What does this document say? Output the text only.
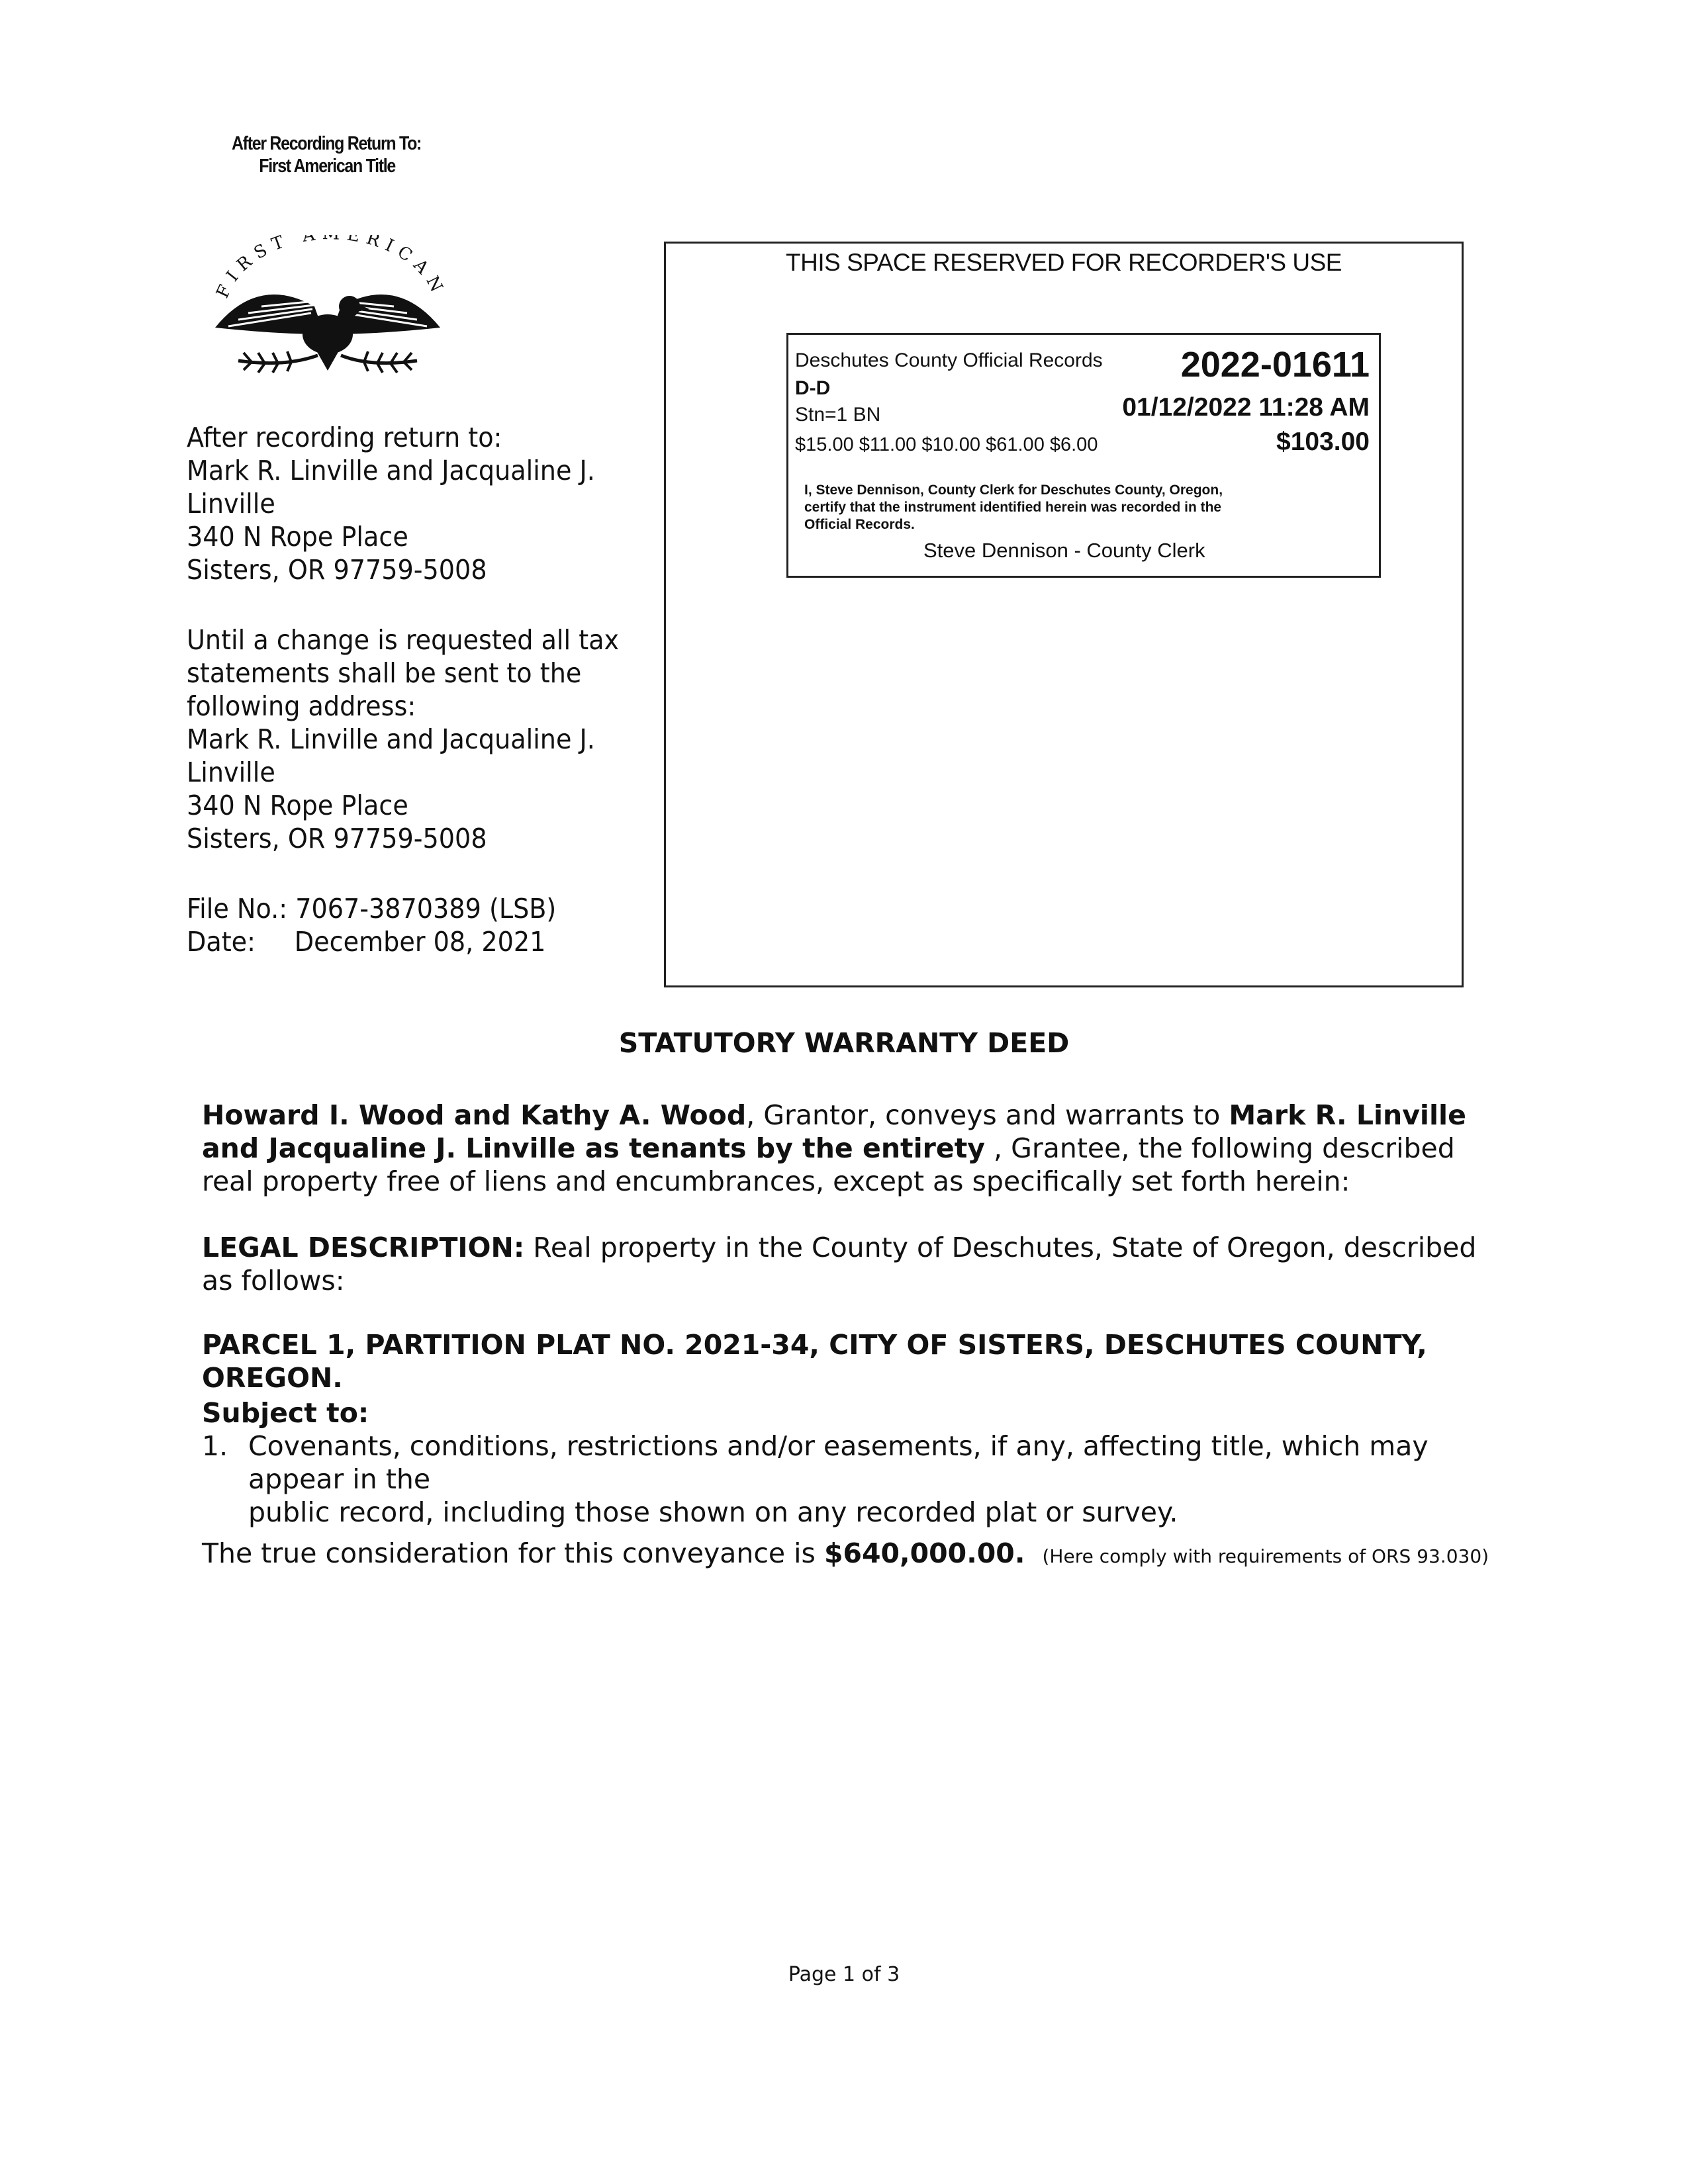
After Recording Return To:
First American Title
FIRST A ERICAN
After recording return to:
Mark R. Linville and Jacqualine J.
Linville
340 N Rope Place
Sisters, OR 97759-5008
Until a change is requested all tax
statements shall be sent to the
following address:
Mark R. Linville and Jacqualine J.
Linville
340 N Rope Place
Sisters, OR 97759-5008
File No.: 7067-3870389 (LSB)
Date: December 08, 2021
THIS SPACE RESERVED FOR RECORDER'S USE
Deschutes County Official Records 2022-01611
D-D
Stn=1 BN	01/12/2022 11:28 AM
$15.00 $11.00 $10.00 $61.00 $6.00	$103.00
I, Steve Dennison, County Clerk for Deschutes County, Oregon,
certify that the instrument identified herein was recorded in the
Official Records.
Steve Dennison - County Clerk
STATUTORY WARRANTY DEED
Howard I. Wood and Kathy A. Wood, Grantor, conveys and warrants to Mark R. Linville and Jacqualine J. Linville as tenants by the entirety , Grantee, the following described real property free of liens and encumbrances, except as specifically set forth herein:
LEGAL DESCRIPTION: Real property in the County of Deschutes, State of Oregon, described as follows:
PARCEL 1, PARTITION PLAT NO. 2021-34, CITY OF SISTERS, DESCHUTES COUNTY, OREGON.
Subject to:
1. Covenants, conditions, restrictions and/or easements, if any, affecting title, which may appear in the
public record, including those shown on any recorded plat or survey.
The true consideration for this conveyance is $640,000.00. (Here comply with requirements of ORS 93.030)
Page 1 of 3
